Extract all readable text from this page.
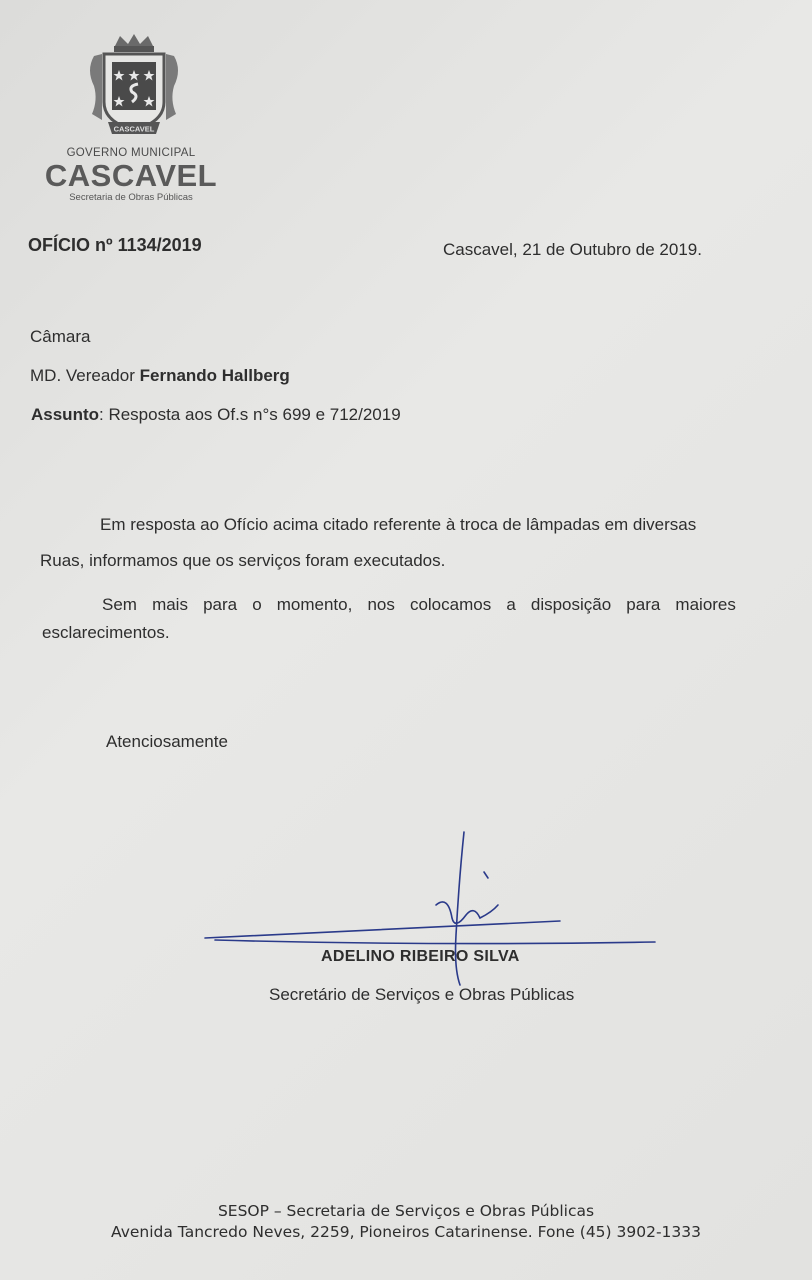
CASCAVEL
GOVERNO MUNICIPAL
CASCAVEL
Secretaria de Obras Públicas
OFÍCIO nº 1134/2019	Cascavel, 21 de Outubro de 2019.
Câmara
MD. Vereador Fernando Hallberg
Assunto: Resposta aos Of.s n°s 699 e 712/2019
Em resposta ao Ofício acima citado referente à troca de lâmpadas em diversas
Ruas, informamos que os serviços foram executados.
Sem mais para o momento, nos colocamos a disposição para maiores
esclarecimentos.
Atenciosamente
ADELINO RIBEIRO SILVA
Secretário de Serviços e Obras Públicas
SESOP – Secretaria de Serviços e Obras Públicas
Avenida Tancredo Neves, 2259, Pioneiros Catarinense. Fone (45) 3902-1333
